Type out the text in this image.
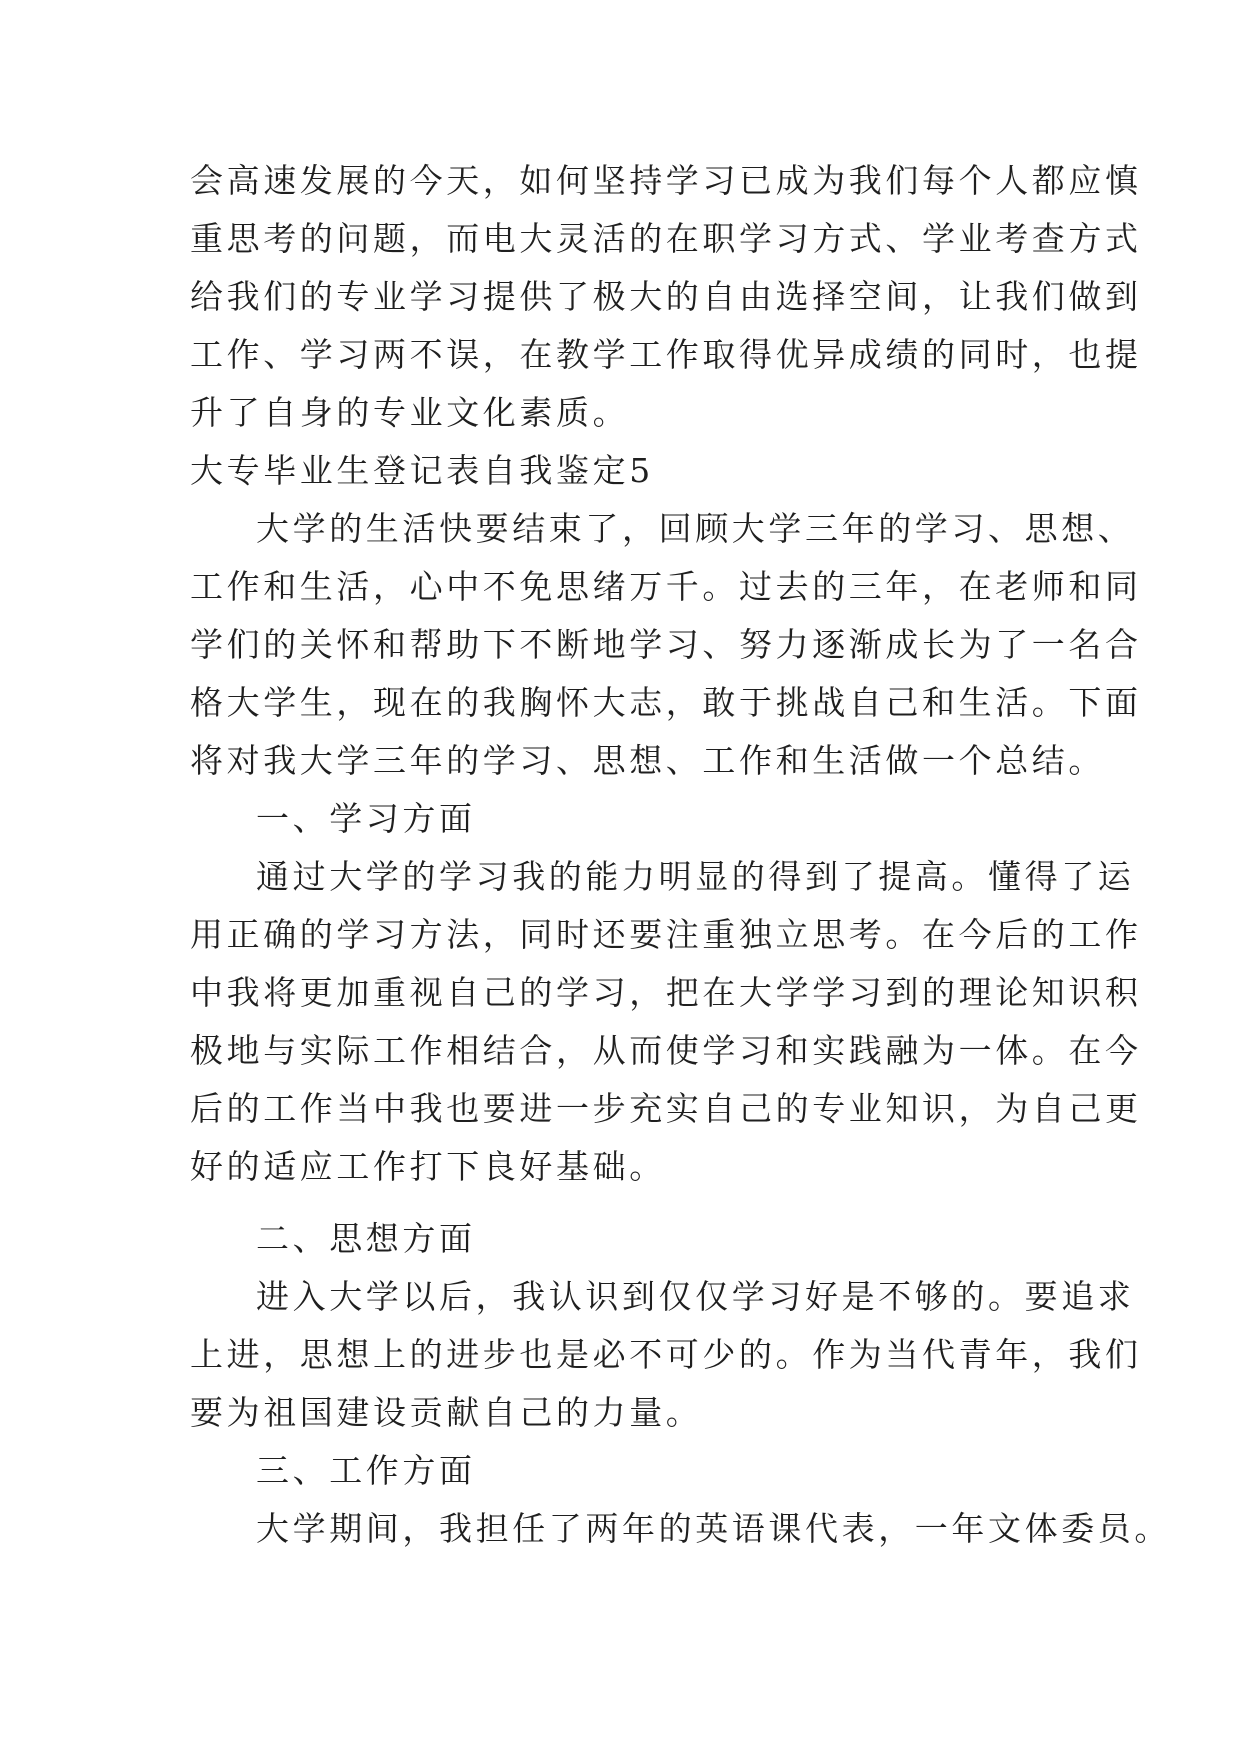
会高速发展的今天，如何坚持学习已成为我们每个人都应慎
重思考的问题，而电大灵活的在职学习方式、学业考查方式
给我们的专业学习提供了极大的自由选择空间，让我们做到
工作、学习两不误，在教学工作取得优异成绩的同时，也提
升了自身的专业文化素质。
大专毕业生登记表自我鉴定5
大学的生活快要结束了，回顾大学三年的学习、思想、
工作和生活，心中不免思绪万千。过去的三年，在老师和同
学们的关怀和帮助下不断地学习、努力逐渐成长为了一名合
格大学生，现在的我胸怀大志，敢于挑战自己和生活。下面
将对我大学三年的学习、思想、工作和生活做一个总结。
一、学习方面
通过大学的学习我的能力明显的得到了提高。懂得了运
用正确的学习方法，同时还要注重独立思考。在今后的工作
中我将更加重视自己的学习，把在大学学习到的理论知识积
极地与实际工作相结合，从而使学习和实践融为一体。在今
后的工作当中我也要进一步充实自己的专业知识，为自己更
好的适应工作打下良好基础。
二、思想方面
进入大学以后，我认识到仅仅学习好是不够的。要追求
上进，思想上的进步也是必不可少的。作为当代青年，我们
要为祖国建设贡献自己的力量。
三、工作方面
大学期间，我担任了两年的英语课代表，一年文体委员。
